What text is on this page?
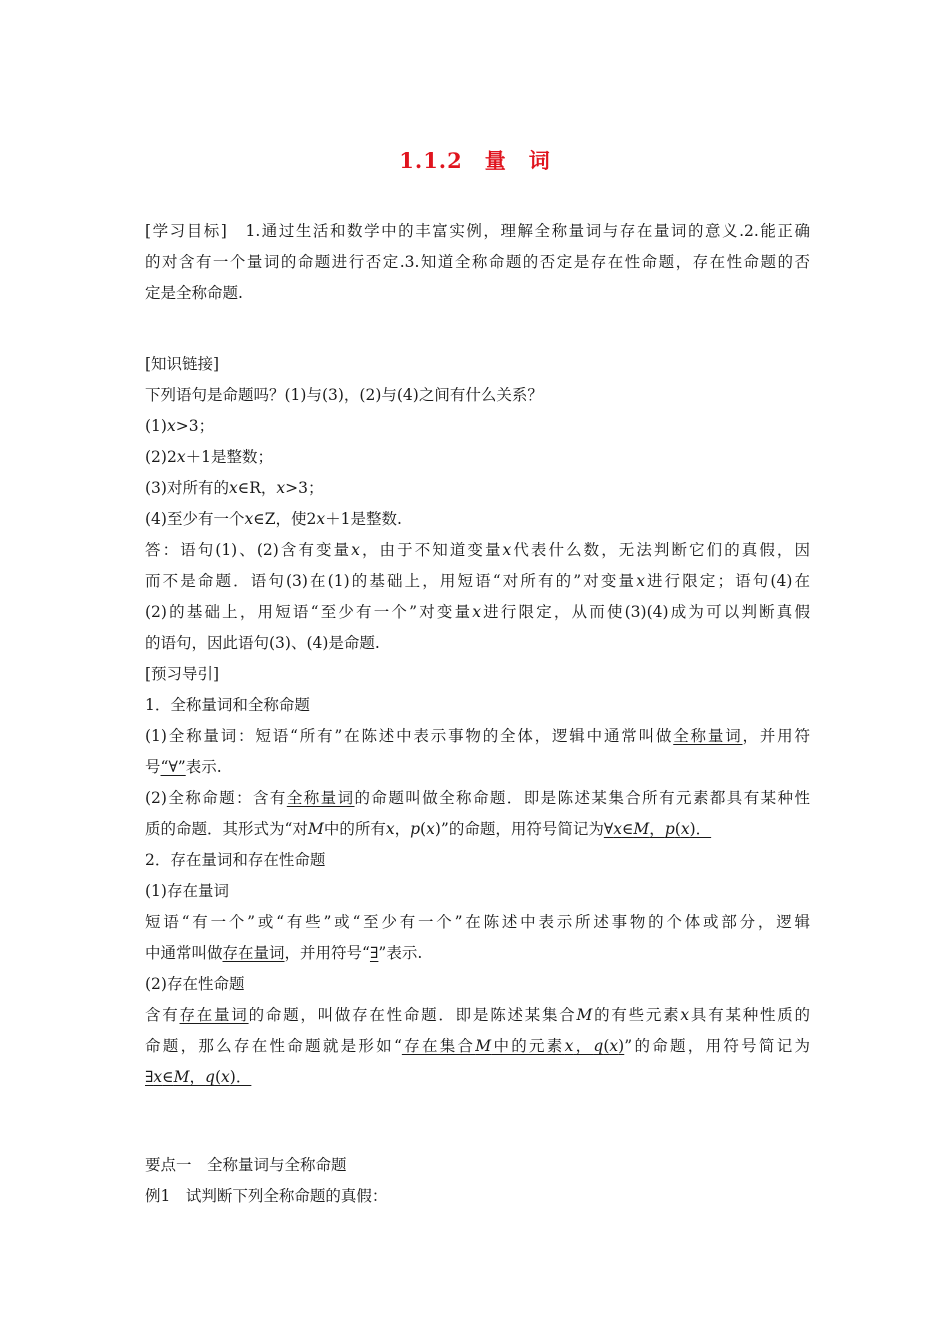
1.1.2 量　词
[学习目标]　 1.通过生活和数学中的丰富实例，理解全称量词与存在量词的意义.2.能正确
的对含有一个量词的命题进行否定.3.知道全称命题的否定是存在性命题，存在性命题的否
定是全称命题.
[知识链接]
下列语句是命题吗？(1)与(3)，(2)与(4)之间有什么关系？
(1)x>3；
(2)2x＋1是整数；
(3)对所有的x∈R，x>3；
(4)至少有一个x∈Z，使2x＋1是整数.
答：语句(1)、(2)含有变量x，由于不知道变量x代表什么数，无法判断它们的真假，因
而不是命题．语句(3)在(1)的基础上，用短语“对所有的”对变量x进行限定；语句(4)在
(2)的基础上，用短语“至少有一个”对变量x进行限定，从而使(3)(4)成为可以判断真假
的语句，因此语句(3)、(4)是命题.
[预习导引]
1．全称量词和全称命题
(1)全称量词：短语“所有”在陈述中表示事物的全体，逻辑中通常叫做全称量词，并用符
号“∀”表示.
(2)全称命题：含有全称量词的命题叫做全称命题．即是陈述某集合所有元素都具有某种性
质的命题．其形式为“对M中的所有x，p(x)”的命题，用符号简记为∀x∈M，p(x)．
2．存在量词和存在性命题
(1)存在量词
短语“有一个”或“有些”或“至少有一个”在陈述中表示所述事物的个体或部分，逻辑
中通常叫做存在量词，并用符号“∃”表示.
(2)存在性命题
含有存在量词的命题，叫做存在性命题．即是陈述某集合M的有些元素x具有某种性质的
命题，那么存在性命题就是形如“存在集合M中的元素x，q(x)”的命题，用符号简记为
∃x∈M，q(x)．
要点一　全称量词与全称命题
例1　试判断下列全称命题的真假：
